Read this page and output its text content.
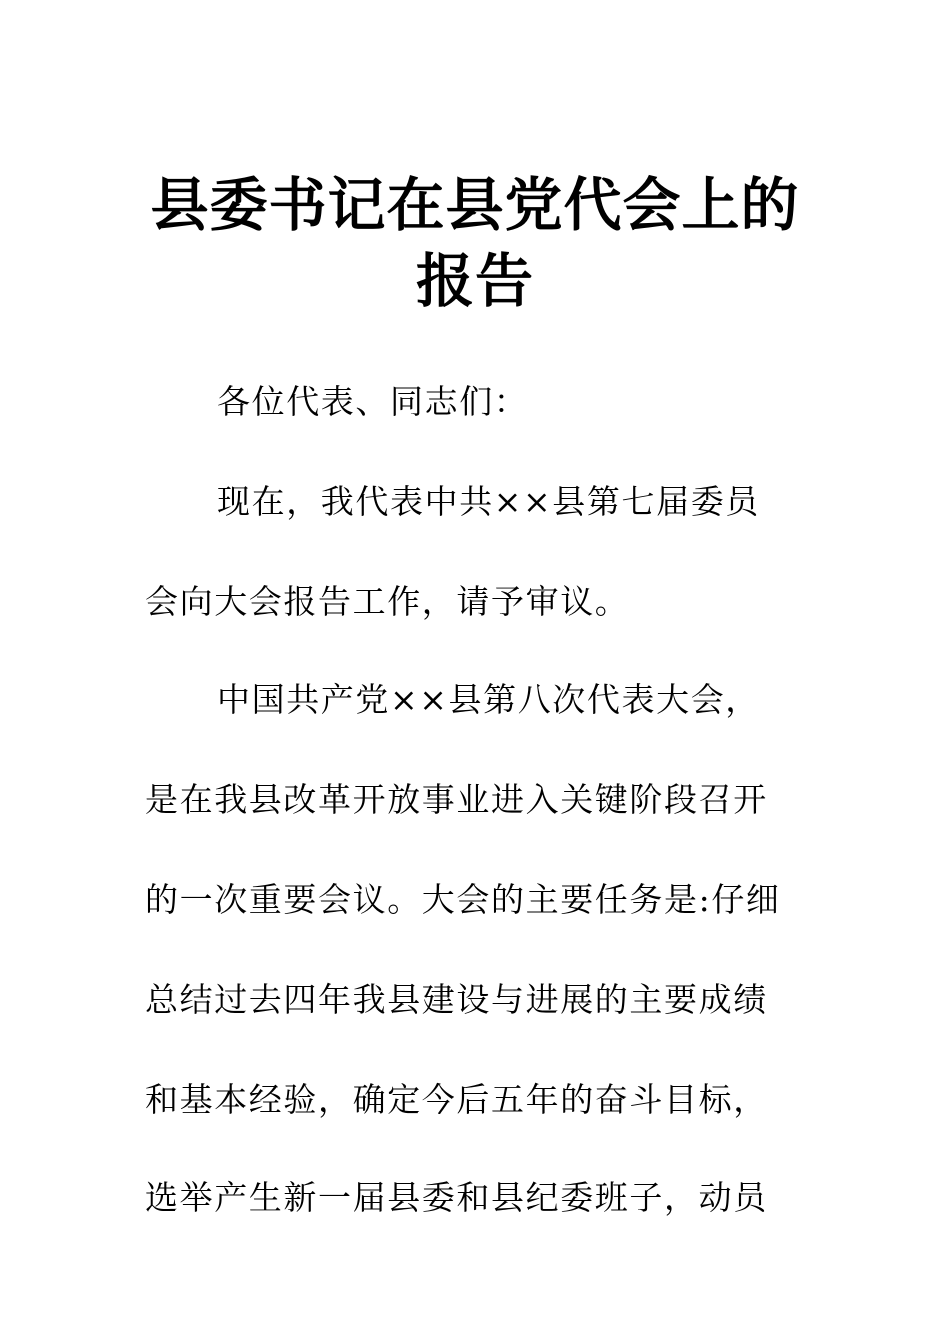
县委书记在县党代会上的
报告
各位代表、同志们：
现在，我代表中共××县第七届委员
会向大会报告工作，请予审议。
中国共产党××县第八次代表大会，
是在我县改革开放事业进入关键阶段召开
的一次重要会议。大会的主要任务是:仔细
总结过去四年我县建设与进展的主要成绩
和基本经验，确定今后五年的奋斗目标，
选举产生新一届县委和县纪委班子，动员
